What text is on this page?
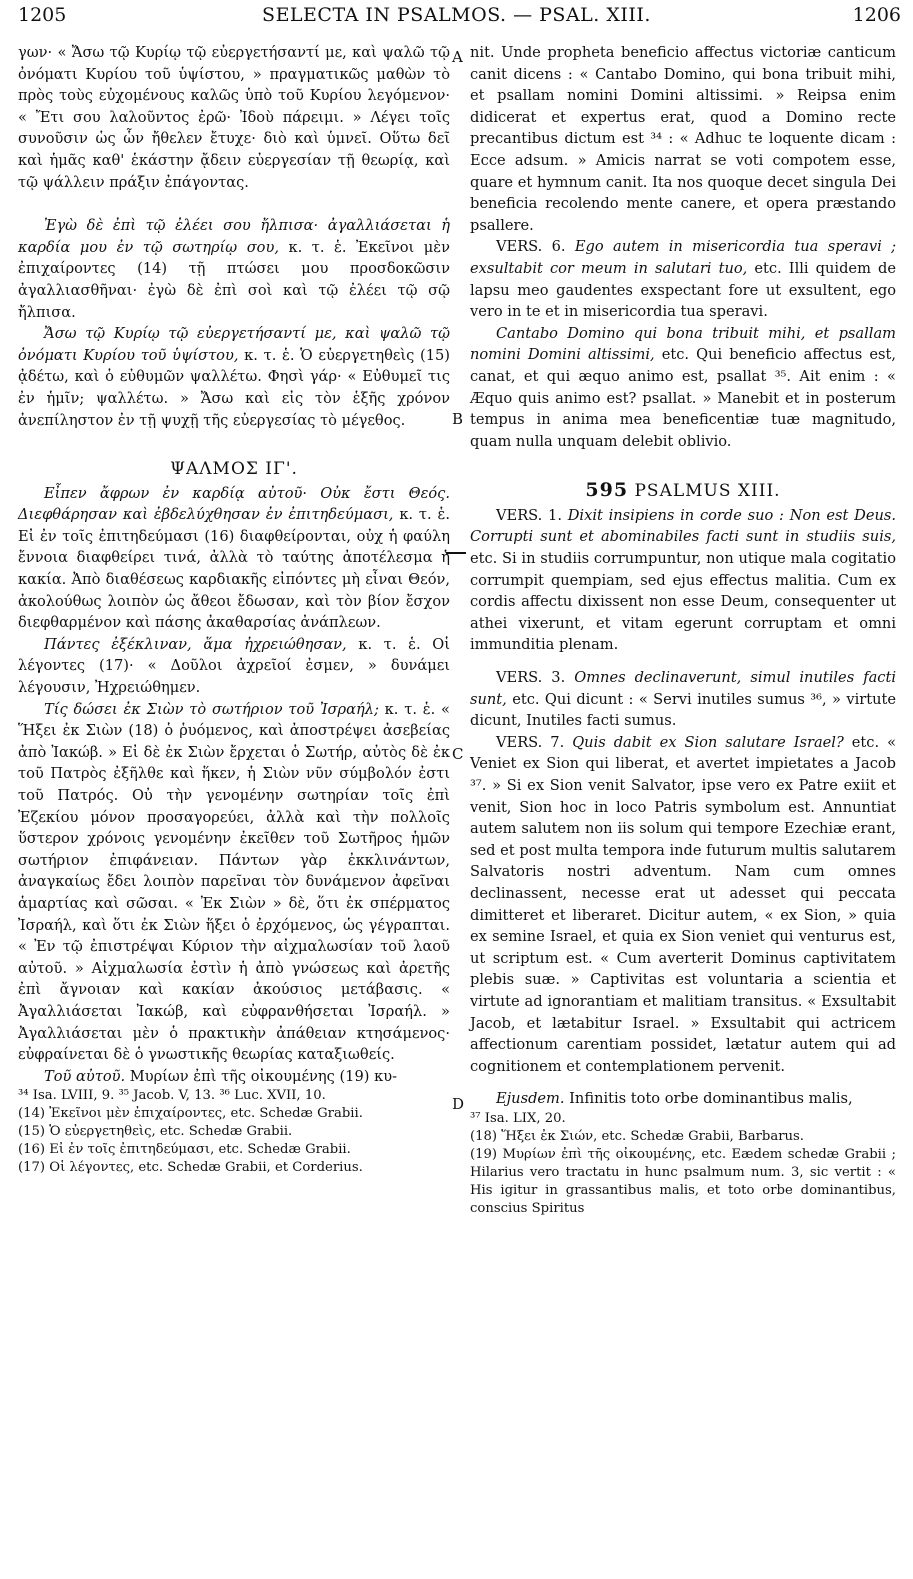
1205	SELECTA IN PSALMOS. — PSAL. XIII.	1206
A
B
C
D

γων· « Ἄσω τῷ Κυρίῳ τῷ εὐεργετήσαντί με, καὶ ψαλῶ τῷ ὀνόματι Κυρίου τοῦ ὑψίστου, » πραγματικῶς μαθὼν τὸ πρὸς τοὺς εὐχομένους καλῶς ὑπὸ τοῦ Κυρίου λεγόμενον· « Ἔτι σου λαλοῦντος ἐρῶ· Ἰδοὺ πάρειμι. » Λέγει τοῖς συνοῦσιν ὡς ὧν ἤθελεν ἔτυχε· διὸ καὶ ὑμνεῖ. Οὕτω δεῖ καὶ ἡμᾶς καθ' ἑκάστην ᾄδειν εὐεργεσίαν τῇ θεωρίᾳ, καὶ τῷ ψάλλειν πράξιν ἐπάγοντας.

Ἐγὼ δὲ ἐπὶ τῷ ἐλέει σου ἤλπισα· ἀγαλλιάσεται ἡ καρδία μου ἐν τῷ σωτηρίῳ σου, κ. τ. ἑ. Ἐκεῖνοι μὲν ἐπιχαίροντες (14) τῇ πτώσει μου προσδοκῶσιν ἀγαλλιασθῆναι· ἐγὼ δὲ ἐπὶ σοὶ καὶ τῷ ἐλέει τῷ σῷ ἤλπισα.

Ἄσω τῷ Κυρίῳ τῷ εὐεργετήσαντί με, καὶ ψαλῶ τῷ ὀνόματι Κυρίου τοῦ ὑψίστου, κ. τ. ἑ. Ὁ εὐεργετηθεὶς (15) ᾀδέτω, καὶ ὁ εὐθυμῶν ψαλλέτω. Φησὶ γάρ· « Εὐθυμεῖ τις ἐν ἡμῖν; ψαλλέτω. » Ἄσω καὶ εἰς τὸν ἑξῆς χρόνον ἀνεπίληστον ἐν τῇ ψυχῇ τῆς εὐεργεσίας τὸ μέγεθος.

ΨΑΛΜΟΣ ΙΓ'.

Εἶπεν ἄφρων ἐν καρδίᾳ αὐτοῦ· Οὐκ ἔστι Θεός. Διεφθάρησαν καὶ ἐβδελύχθησαν ἐν ἐπιτηδεύμασι, κ. τ. ἑ. Εἰ ἐν τοῖς ἐπιτηδεύμασι (16) διαφθείρονται, οὐχ ἡ φαύλη ἔννοια διαφθείρει τινά, ἀλλὰ τὸ ταύτης ἀποτέλεσμα ἡ κακία. Ἀπὸ διαθέσεως καρδιακῆς εἰπόντες μὴ εἶναι Θεόν, ἀκολούθως λοιπὸν ὡς ἄθεοι ἔδωσαν, καὶ τὸν βίον ἔσχον διεφθαρμένον καὶ πάσης ἀκαθαρσίας ἀνάπλεων.

Πάντες ἐξέκλιναν, ἅμα ἠχρειώθησαν, κ. τ. ἑ. Οἱ λέγοντες (17)· « Δοῦλοι ἀχρεῖοί ἐσμεν, » δυνάμει λέγουσιν, Ἠχρειώθημεν.

Τίς δώσει ἐκ Σιὼν τὸ σωτήριον τοῦ Ἰσραήλ; κ. τ. ἑ. « Ἥξει ἐκ Σιὼν (18) ὁ ῥυόμενος, καὶ ἀποστρέψει ἀσεβείας ἀπὸ Ἰακώβ. » Εἰ δὲ ἐκ Σιὼν ἔρχεται ὁ Σωτήρ, αὐτὸς δὲ ἐκ τοῦ Πατρὸς ἐξῆλθε καὶ ἥκεν, ἡ Σιὼν νῦν σύμβολόν ἐστι τοῦ Πατρός. Οὐ τὴν γενομένην σωτηρίαν τοῖς ἐπὶ Ἐζεκίου μόνον προσαγορεύει, ἀλλὰ καὶ τὴν πολλοῖς ὕστερον χρόνοις γενομένην ἐκεῖθεν τοῦ Σωτῆρος ἡμῶν σωτήριον ἐπιφάνειαν. Πάντων γὰρ ἐκκλινάντων, ἀναγκαίως ἔδει λοιπὸν παρεῖναι τὸν δυνάμενον ἀφεῖναι ἁμαρτίας καὶ σῶσαι. « Ἐκ Σιὼν » δὲ, ὅτι ἐκ σπέρματος Ἰσραήλ, καὶ ὅτι ἐκ Σιὼν ἥξει ὁ ἐρχόμενος, ὡς γέγραπται. « Ἐν τῷ ἐπιστρέψαι Κύριον τὴν αἰχμαλωσίαν τοῦ λαοῦ αὐτοῦ. » Αἰχμαλωσία ἐστὶν ἡ ἀπὸ γνώσεως καὶ ἀρετῆς ἐπὶ ἄγνοιαν καὶ κακίαν ἀκούσιος μετάβασις. « Ἀγαλλιάσεται Ἰακώβ, καὶ εὐφρανθήσεται Ἰσραήλ. » Ἀγαλλιάσεται μὲν ὁ πρακτικὴν ἀπάθειαν κτησάμενος· εὐφραίνεται δὲ ὁ γνωστικῆς θεωρίας καταξιωθείς.

Τοῦ αὐτοῦ. Μυρίων ἐπὶ τῆς οἰκουμένης (19) κυ-

³⁴ Isa. LVIII, 9. ³⁵ Jacob. V, 13. ³⁶ Luc. XVII, 10.

(14) Ἐκεῖνοι μὲν ἐπιχαίροντες, etc. Schedæ Grabii.

(15) Ὁ εὐεργετηθεὶς, etc. Schedæ Grabii.

(16) Εἰ ἐν τοῖς ἐπιτηδεύμασι, etc. Schedæ Grabii.

(17) Οἱ λέγοντες, etc. Schedæ Grabii, et Corderius.

nit. Unde propheta beneficio affectus victoriæ canticum canit dicens : « Cantabo Domino, qui bona tribuit mihi, et psallam nomini Domini altissimi. » Reipsa enim didicerat et expertus erat, quod a Domino recte precantibus dictum est ³⁴ : « Adhuc te loquente dicam : Ecce adsum. » Amicis narrat se voti compotem esse, quare et hymnum canit. Ita nos quoque decet singula Dei beneficia recolendo mente canere, et opera præstando psallere.

VERS. 6. Ego autem in misericordia tua speravi ; exsultabit cor meum in salutari tuo, etc. Illi quidem de lapsu meo gaudentes exspectant fore ut exsultent, ego vero in te et in misericordia tua speravi.

Cantabo Domino qui bona tribuit mihi, et psallam nomini Domini altissimi, etc. Qui beneficio affectus est, canat, et qui æquo animo est, psallat ³⁵. Ait enim : « Æquo quis animo est? psallat. » Manebit et in posterum tempus in anima mea beneficentiæ tuæ magnitudo, quam nulla unquam delebit oblivio.

595 PSALMUS XIII.

VERS. 1. Dixit insipiens in corde suo : Non est Deus. Corrupti sunt et abominabiles facti sunt in studiis suis, etc. Si in studiis corrumpuntur, non utique mala cogitatio corrumpit quempiam, sed ejus effectus malitia. Cum ex cordis affectu dixissent non esse Deum, consequenter ut athei vixerunt, et vitam egerunt corruptam et omni immunditia plenam.

VERS. 3. Omnes declinaverunt, simul inutiles facti sunt, etc. Qui dicunt : « Servi inutiles sumus ³⁶, » virtute dicunt, Inutiles facti sumus.

VERS. 7. Quis dabit ex Sion salutare Israel? etc. « Veniet ex Sion qui liberat, et avertet impietates a Jacob ³⁷. » Si ex Sion venit Salvator, ipse vero ex Patre exiit et venit, Sion hoc in loco Patris symbolum est. Annuntiat autem salutem non iis solum qui tempore Ezechiæ erant, sed et post multa tempora inde futurum multis salutarem Salvatoris nostri adventum. Nam cum omnes declinassent, necesse erat ut adesset qui peccata dimitteret et liberaret. Dicitur autem, « ex Sion, » quia ex semine Israel, et quia ex Sion veniet qui venturus est, ut scriptum est. « Cum averterit Dominus captivitatem plebis suæ. » Captivitas est voluntaria a scientia et virtute ad ignorantiam et malitiam transitus. « Exsultabit Jacob, et lætabitur Israel. » Exsultabit qui actricem affectionum carentiam possidet, lætatur autem qui ad cognitionem et contemplationem pervenit.

Ejusdem. Infinitis toto orbe dominantibus malis,

³⁷ Isa. LIX, 20.

(18) Ἥξει ἐκ Σιών, etc. Schedæ Grabii, Barbarus.

(19) Μυρίων ἐπὶ τῆς οἰκουμένης, etc. Eædem schedæ Grabii ; Hilarius vero tractatu in hunc psalmum num. 3, sic vertit : « His igitur in grassantibus malis, et toto orbe dominantibus, conscius Spiritus
